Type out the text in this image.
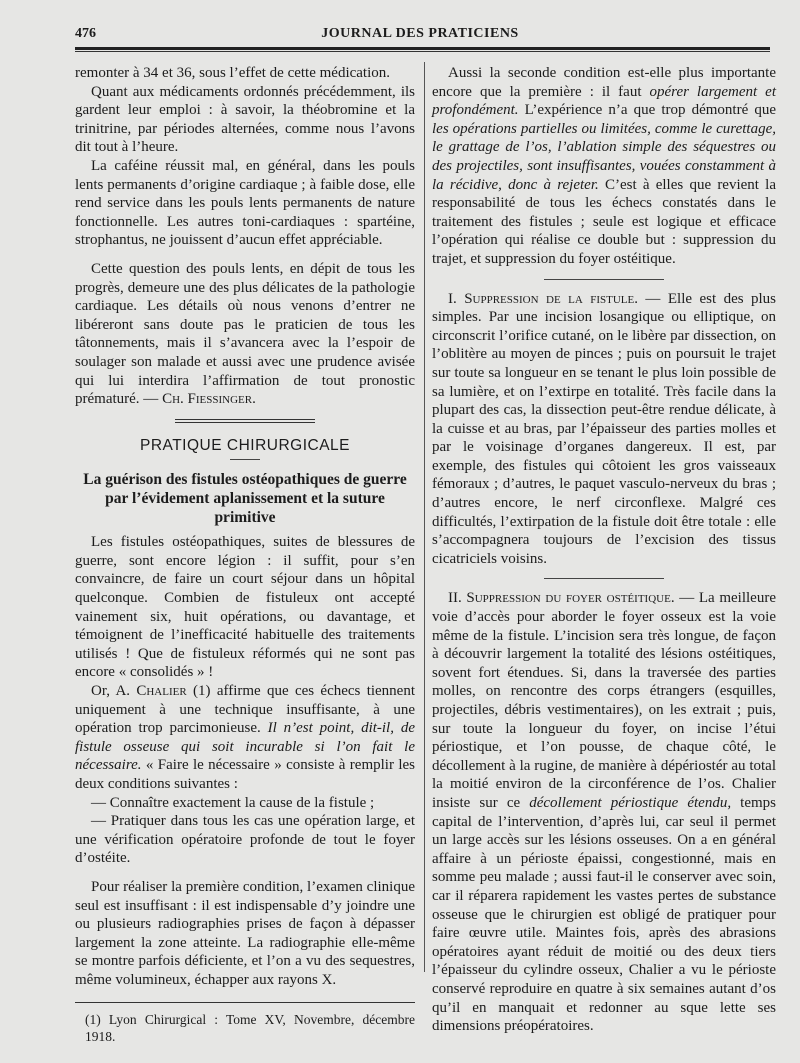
476	JOURNAL DES PRATICIENS

remonter à 34 et 36, sous l’effet de cette médication.

Quant aux médicaments ordonnés précédemment, ils gardent leur emploi : à savoir, la théobromine et la trinitrine, par périodes alternées, comme nous l’avons dit tout à l’heure.

La caféine réussit mal, en général, dans les pouls lents permanents d’origine cardiaque ; à faible dose, elle rend service dans les pouls lents permanents de nature fonctionnelle. Les autres toni-cardiaques : spartéine, strophantus, ne jouissent d’aucun effet appréciable.

Cette question des pouls lents, en dépit de tous les progrès, demeure une des plus délicates de la pathologie cardiaque. Les détails où nous venons d’entrer ne libéreront sans doute pas le praticien de tous les tâtonnements, mais il s’avancera avec la l’espoir de soulager son malade et aussi avec une prudence avisée qui lui interdira l’affirmation de tout pronostic prématuré. — Ch. Fiessinger.

PRATIQUE CHIRURGICALE
La guérison des fistules ostéopathiques de guerre par l’évidement aplanissement et la suture primitive

Les fistules ostéopathiques, suites de blessures de guerre, sont encore légion : il suffit, pour s’en convaincre, de faire un court séjour dans un hôpital quelconque. Combien de fistuleux ont accepté vainement six, huit opérations, ou davantage, et témoignent de l’inefficacité habituelle des traitements utilisés ! Que de fistuleux réformés qui ne sont pas encore « consolidés » !

Or, A. Chalier (1) affirme que ces échecs tiennent uniquement à une technique insuffisante, à une opération trop parcimonieuse. Il n’est point, dit-il, de fistule osseuse qui soit incurable si l’on fait le nécessaire. « Faire le nécessaire » consiste à remplir les deux conditions suivantes :

— Connaître exactement la cause de la fistule ;

— Pratiquer dans tous les cas une opération large, et une vérification opératoire profonde de tout le foyer d’ostéite.

Pour réaliser la première condition, l’examen clinique seul est insuffisant : il est indispensable d’y joindre une ou plusieurs radiographies prises de façon à dépasser largement la zone atteinte. La radiographie elle-même se montre parfois déficiente, et l’on a vu des sequestres, même volumineux, échapper aux rayons X.

(1) Lyon Chirurgical : Tome XV, Novembre, décembre 1918.

Aussi la seconde condition est-elle plus importante encore que la première : il faut opérer largement et profondément. L’expérience n’a que trop démontré que les opérations partielles ou limitées, comme le curettage, le grattage de l’os, l’ablation simple des séquestres ou des projectiles, sont insuffisantes, vouées constamment à la récidive, donc à rejeter. C’est à elles que revient la responsabilité de tous les échecs constatés dans le traitement des fistules ; seule est logique et efficace l’opération qui réalise ce double but : suppression du trajet, et suppression du foyer ostéitique.

I. Suppression de la fistule. — Elle est des plus simples. Par une incision losangique ou elliptique, on circonscrit l’orifice cutané, on le libère par dissection, on l’oblitère au moyen de pinces ; puis on poursuit le trajet sur toute sa longueur en se tenant le plus loin possible de sa lumière, et on l’extirpe en totalité. Très facile dans la plupart des cas, la dissection peut-être rendue délicate, à la cuisse et au bras, par l’épaisseur des parties molles et par le voisinage d’organes dangereux. Il est, par exemple, des fistules qui côtoient les gros vaisseaux fémoraux ; d’autres, le paquet vasculo-nerveux du bras ; d’autres encore, le nerf circonflexe. Malgré ces difficultés, l’extirpation de la fistule doit être totale : elle s’accompagnera toujours de l’excision des tissus cicatriciels voisins.

II. Suppression du foyer ostéitique. — La meilleure voie d’accès pour aborder le foyer osseux est la voie même de la fistule. L’incision sera très longue, de façon à découvrir largement la totalité des lésions ostéitiques, sovent fort étendues. Si, dans la traversée des parties molles, on rencontre des corps étrangers (esquilles, projectiles, débris vestimentaires), on les extrait ; puis, sur toute la longueur du foyer, on incise l’étui périostique, et l’on pousse, de chaque côté, le décollement à la rugine, de manière à dépériostér au total la moitié environ de la circonférence de l’os. Chalier insiste sur ce décollement périostique étendu, temps capital de l’intervention, d’après lui, car seul il permet un large accès sur les lésions osseuses. On a en général affaire à un périoste épaissi, congestionné, mais en somme peu malade ; aussi faut-il le conserver avec soin, car il réparera rapidement les vastes pertes de substance osseuse que le chirurgien est obligé de pratiquer pour faire œuvre utile. Maintes fois, après des abrasions opératoires ayant réduit de moitié ou des deux tiers l’épaisseur du cylindre osseux, Chalier a vu le périoste conservé reproduire en quatre à six semaines autant d’os qu’il en manquait et redonner au sque lette ses dimensions préopératoires.
